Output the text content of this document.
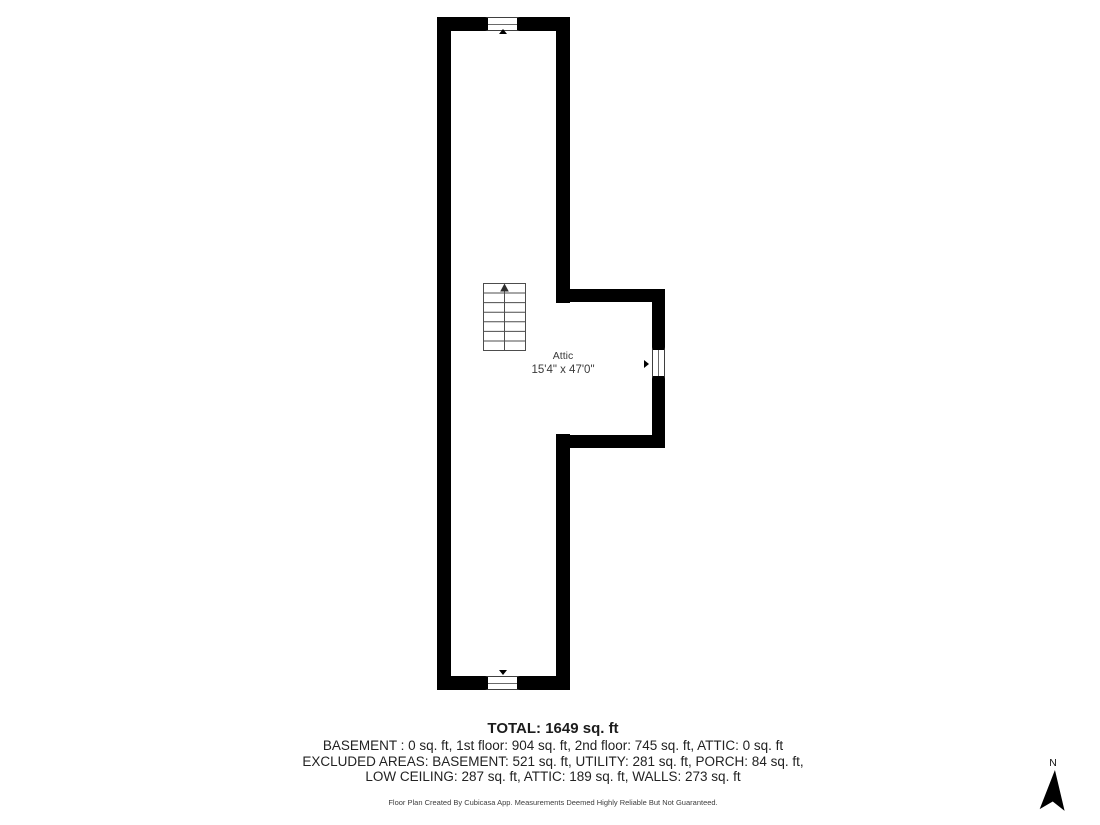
Attic
15'4" x 47'0"
TOTAL: 1649 sq. ft
BASEMENT : 0 sq. ft, 1st floor: 904 sq. ft, 2nd floor: 745 sq. ft, ATTIC: 0 sq. ft
EXCLUDED AREAS: BASEMENT: 521 sq. ft, UTILITY: 281 sq. ft, PORCH: 84 sq. ft,
LOW CEILING: 287 sq. ft, ATTIC: 189 sq. ft, WALLS: 273 sq. ft
Floor Plan Created By Cubicasa App. Measurements Deemed Highly Reliable But Not Guaranteed.
N
